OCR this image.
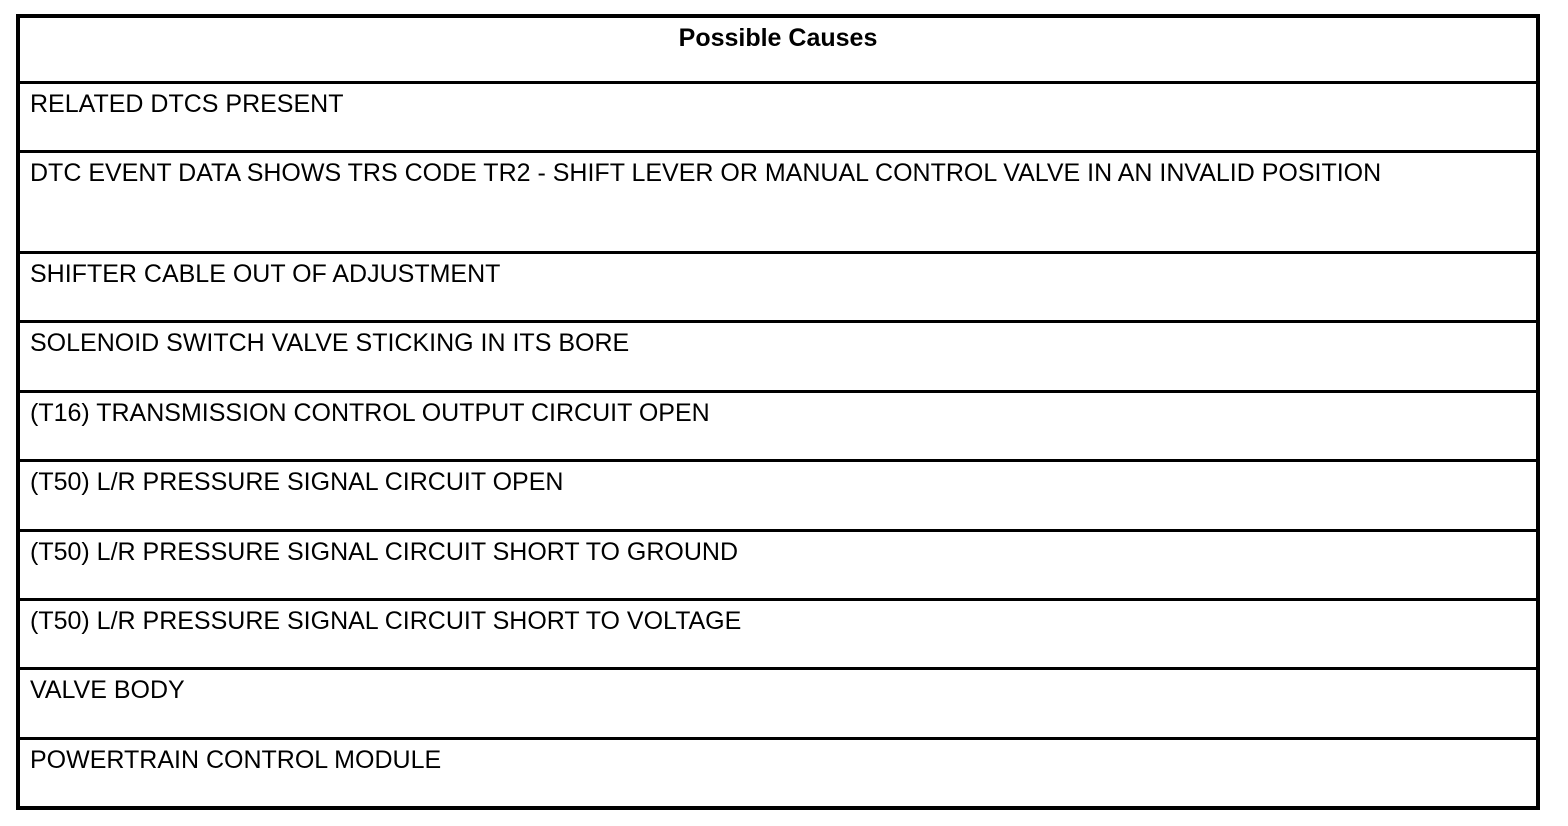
Possible Causes
RELATED DTCS PRESENT
DTC EVENT DATA SHOWS TRS CODE TR2 - SHIFT LEVER OR MANUAL CONTROL VALVE IN AN INVALID POSITION
SHIFTER CABLE OUT OF ADJUSTMENT
SOLENOID SWITCH VALVE STICKING IN ITS BORE
(T16) TRANSMISSION CONTROL OUTPUT CIRCUIT OPEN
(T50) L/R PRESSURE SIGNAL CIRCUIT OPEN
(T50) L/R PRESSURE SIGNAL CIRCUIT SHORT TO GROUND
(T50) L/R PRESSURE SIGNAL CIRCUIT SHORT TO VOLTAGE
VALVE BODY
POWERTRAIN CONTROL MODULE
